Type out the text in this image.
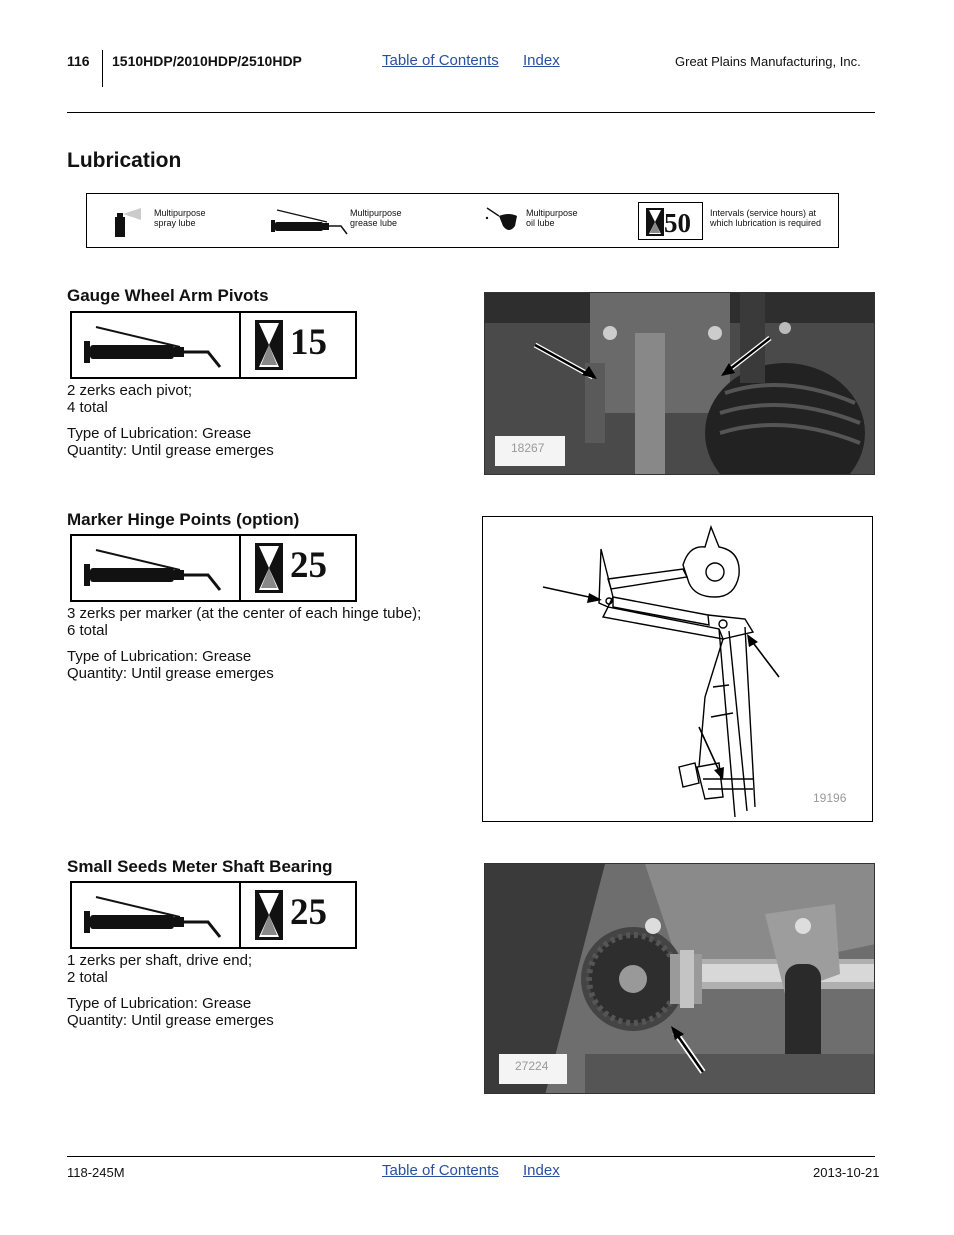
116 1510HDP/2010HDP/2510HDP	Table of Contents Index	Great Plains Manufacturing, Inc.
Lubrication
Multipurpose
spray lube
Multipurpose
grease lube
Multipurpose
oil lube	50 Intervals (service hours) at
which lubrication is required
Gauge Wheel Arm Pivots
15
2 zerks each pivot;
4 total
Type of Lubrication: Grease
Quantity: Until grease emerges	18267
Marker Hinge Points (option)
25
3 zerks per marker (at the center of each hinge tube);
6 total
Type of Lubrication: Grease
Quantity: Until grease emerges
19196
Small Seeds Meter Shaft Bearing
25
1 zerks per shaft, drive end;
2 total
Type of Lubrication: Grease
Quantity: Until grease emerges
27224
118-245M	Table of Contents Index	2013-10-21
